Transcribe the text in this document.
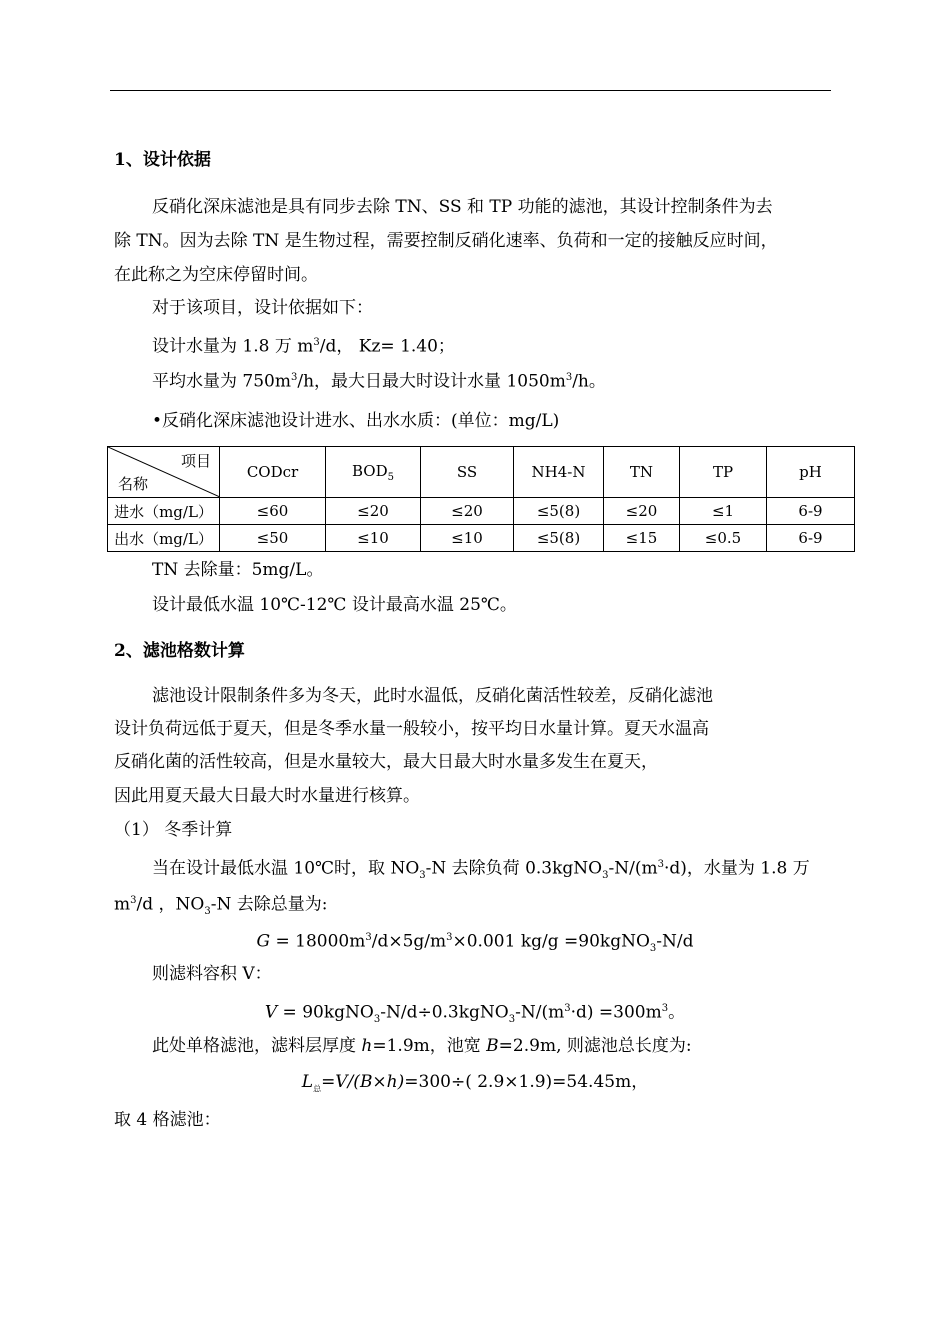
1、设计依据
反硝化深床滤池是具有同步去除 TN、SS 和 TP 功能的滤池，其设计控制条件为去
除 TN。因为去除 TN 是生物过程，需要控制反硝化速率、负荷和一定的接触反应时间，
在此称之为空床停留时间。
对于该项目，设计依据如下：
设计水量为 1.8 万 $m^3/d$， Kz= 1.40；
平均水量为 $750m^3/h$，最大日最大时设计水量 $1050m^3/h$。
•反硝化深床滤池设计进水、出水水质：(单位：mg/L)
项目
名称	CODcr	$BOD_5$	SS	NH4-N	TN	TP	pH
进水（mg/L）	≤60	≤20	≤20	≤5(8)	≤20	≤1	6-9
出水（mg/L）	≤50	≤10	≤10	≤5(8)	≤15	≤0.5	6-9
TN 去除量：5mg/L。
设计最低水温 10℃-12℃ 设计最高水温 25℃。
2、滤池格数计算
滤池设计限制条件多为冬天，此时水温低，反硝化菌活性较差，反硝化滤池
设计负荷远低于夏天，但是冬季水量一般较小，按平均日水量计算。夏天水温高
反硝化菌的活性较高，但是水量较大，最大日最大时水量多发生在夏天，
因此用夏天最大日最大时水量进行核算。
（1） 冬季计算
当在设计最低水温 10℃时，取 $NO_3-N$ 去除负荷 $0.3kgNO_3-N/(m^3\cdot d)$，水量为 1.8 万
$m^3/d$ ，$NO_3-N$ 去除总量为:
$G = 18000m^3/d\times 5g/m^3\times 0.001$ kg/g =90kgNO$_3$-N/d
则滤料容积 V：
$V = 90kgNO_3-N/d\div 0.3kgNO_3-N/(m^3\cdot d) =300m^3$。
此处单格滤池，滤料层厚度 h=1.9m，池宽 B=2.9m, 则滤池总长度为:
$L_总=V/(B\times h)=300\div$( 2.9×1.9)=54.45m，
取 4 格滤池：
